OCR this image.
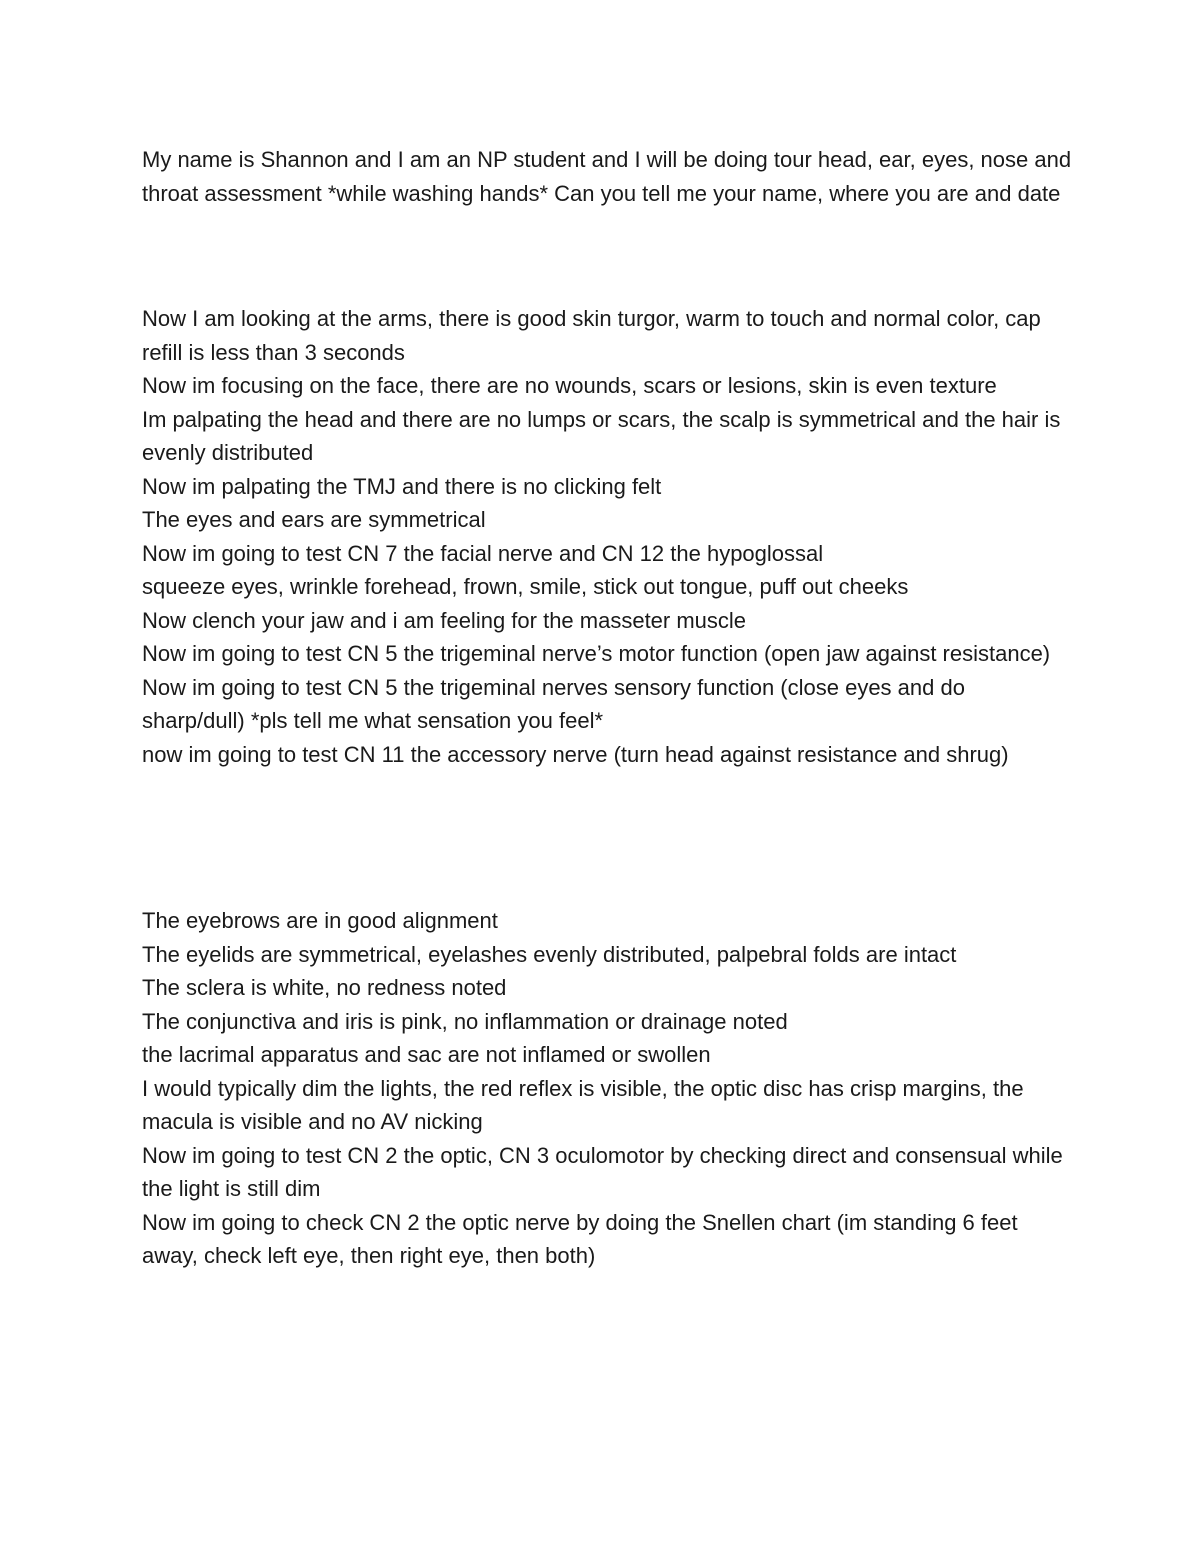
My name is Shannon and I am an NP student and I will be doing tour head, ear, eyes, nose and throat assessment *while washing hands* Can you tell me your name, where you are and date

Now I am looking at the arms, there is good skin turgor, warm to touch and normal color, cap refill is less than 3 seconds

Now im focusing on the face, there are no wounds, scars or lesions, skin is even texture

Im palpating the head and there are no lumps or scars, the scalp is symmetrical and the hair is evenly distributed

Now im palpating the TMJ and there is no clicking felt

The eyes and ears are symmetrical

Now im going to test CN 7 the facial nerve and CN 12 the hypoglossal

squeeze eyes, wrinkle forehead, frown, smile, stick out tongue, puff out cheeks

Now clench your jaw and i am feeling for the masseter muscle

Now im going to test CN 5 the trigeminal nerve’s motor function (open jaw against resistance)

Now im going to test CN 5 the trigeminal nerves sensory function (close eyes and do sharp/dull) *pls tell me what sensation you feel*

now im going to test CN 11 the accessory nerve (turn head against resistance and shrug)

The eyebrows are in good alignment

The eyelids are symmetrical, eyelashes evenly distributed, palpebral folds are intact

The sclera is white, no redness noted

The conjunctiva and iris is pink, no inflammation or drainage noted

the lacrimal apparatus and sac are not inflamed or swollen

I would typically dim the lights, the red reflex is visible, the optic disc has crisp margins, the macula is visible and no AV nicking

Now im going to test CN 2 the optic, CN 3 oculomotor by checking direct and consensual while the light is still dim

Now im going to check CN 2 the optic nerve by doing the Snellen chart (im standing 6 feet away, check left eye, then right eye, then both)
